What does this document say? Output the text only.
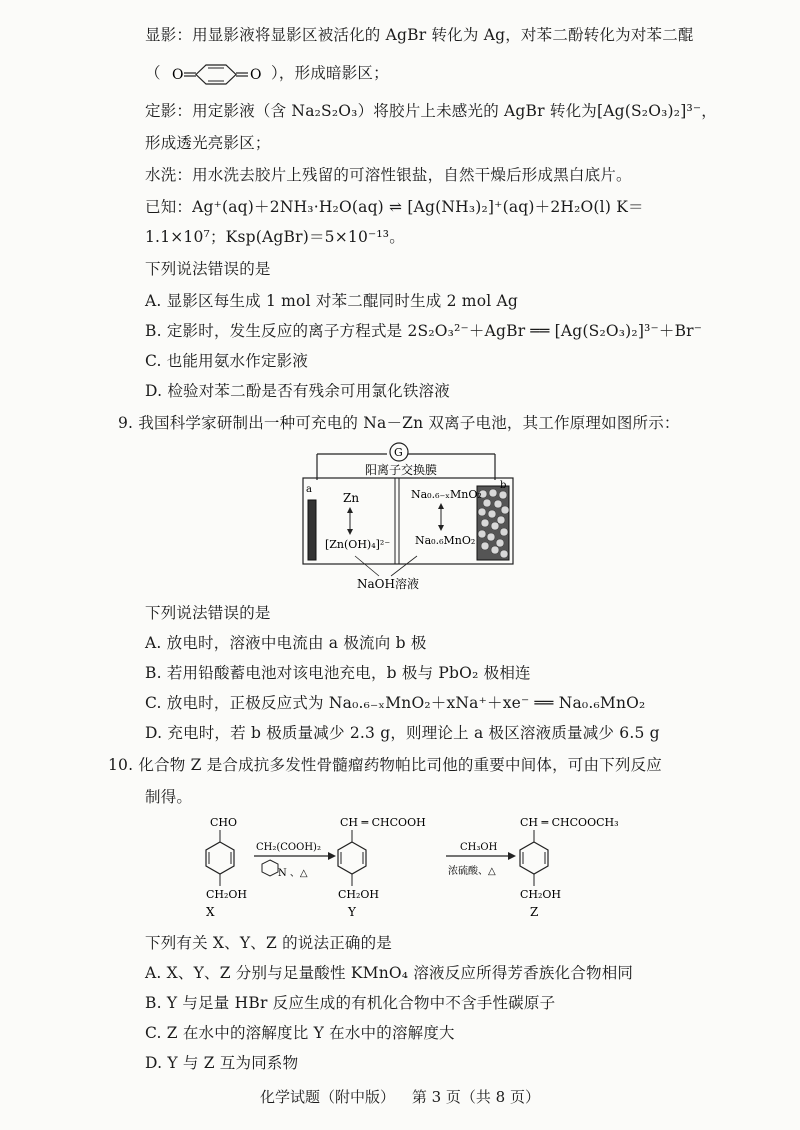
显影：用显影液将显影区被活化的 AgBr 转化为 Ag，对苯二酚转化为对苯二醌
（ O	O ），形成暗影区；
定影：用定影液（含 Na₂S₂O₃）将胶片上未感光的 AgBr 转化为[Ag(S₂O₃)₂]³⁻，
形成透光亮影区；
水洗：用水洗去胶片上残留的可溶性银盐，自然干燥后形成黑白底片。
已知：Ag⁺(aq)＋2NH₃·H₂O(aq) ⇌ [Ag(NH₃)₂]⁺(aq)＋2H₂O(l) K＝
1.1×10⁷；Ksp(AgBr)＝5×10⁻¹³。
下列说法错误的是
A. 显影区每生成 1 mol 对苯二醌同时生成 2 mol Ag
B. 定影时，发生反应的离子方程式是 2S₂O₃²⁻＋AgBr ══ [Ag(S₂O₃)₂]³⁻＋Br⁻
C. 也能用氨水作定影液
D. 检验对苯二酚是否有残余可用氯化铁溶液
9. 我国科学家研制出一种可充电的 Na－Zn 双离子电池，其工作原理如图所示：
G
阳离子交换膜
a	b
Zn
[Zn(OH)₄]²⁻
Na₀.₆₋ₓMnO₂
Na₀.₆MnO₂
NaOH溶液
下列说法错误的是
A. 放电时，溶液中电流由 a 极流向 b 极
B. 若用铅酸蓄电池对该电池充电，b 极与 PbO₂ 极相连
C. 放电时，正极反应式为 Na₀.₆₋ₓMnO₂＋xNa⁺＋xe⁻ ══ Na₀.₆MnO₂
D. 充电时，若 b 极质量减少 2.3 g，则理论上 a 极区溶液质量减少 6.5 g
10. 化合物 Z 是合成抗多发性骨髓瘤药物帕比司他的重要中间体，可由下列反应
制得。
CHO
CH₂OH
X
CH₂(COOH)₂
N 、△
CH ═ CHCOOH
CH₂OH
Y
CH₃OH
浓硫酸、△
CH ═ CHCOOCH₃
CH₂OH
Z
下列有关 X、Y、Z 的说法正确的是
A. X、Y、Z 分别与足量酸性 KMnO₄ 溶液反应所得芳香族化合物相同
B. Y 与足量 HBr 反应生成的有机化合物中不含手性碳原子
C. Z 在水中的溶解度比 Y 在水中的溶解度大
D. Y 与 Z 互为同系物
化学试题（附中版） 第 3 页（共 8 页）
